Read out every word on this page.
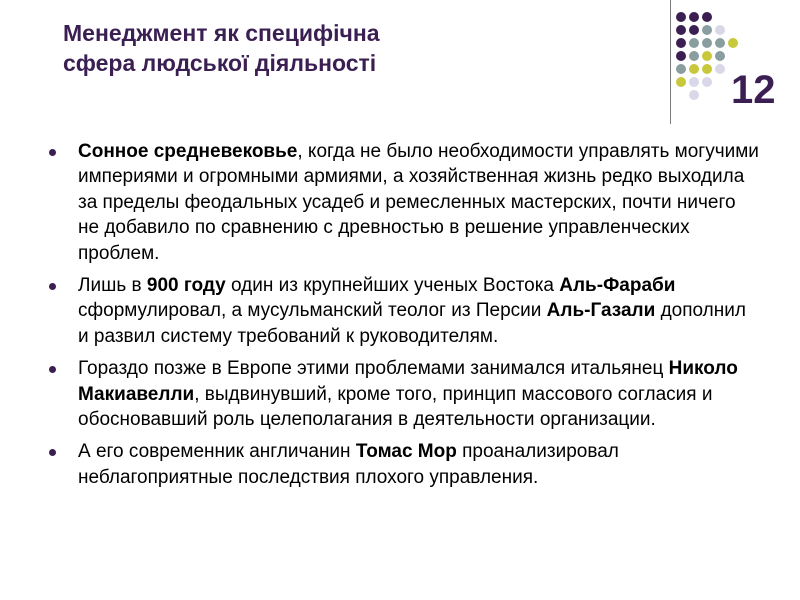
Менеджмент як специфічна
сфера людської діяльності
12
Сонное средневековье, когда не было необходимости управлять могучими империями и огромными армиями, а хозяйственная жизнь редко выходила за пределы феодальных усадеб и ремесленных мастерских, почти ничего не добавило по сравнению с древностью в решение управленческих проблем.
Лишь в 900 году один из крупнейших ученых Востока Аль-Фараби сформулировал, а мусульманский теолог из Персии Аль-Газали дополнил и развил систему требований к руководителям.
Гораздо позже в Европе этими проблемами занимался итальянец Николо Макиавелли, выдвинувший, кроме того, принцип массового согласия и обосновавший роль целеполагания в деятельности организации.
А его современник англичанин Томас Мор проанализировал неблагоприятные последствия плохого управления.
